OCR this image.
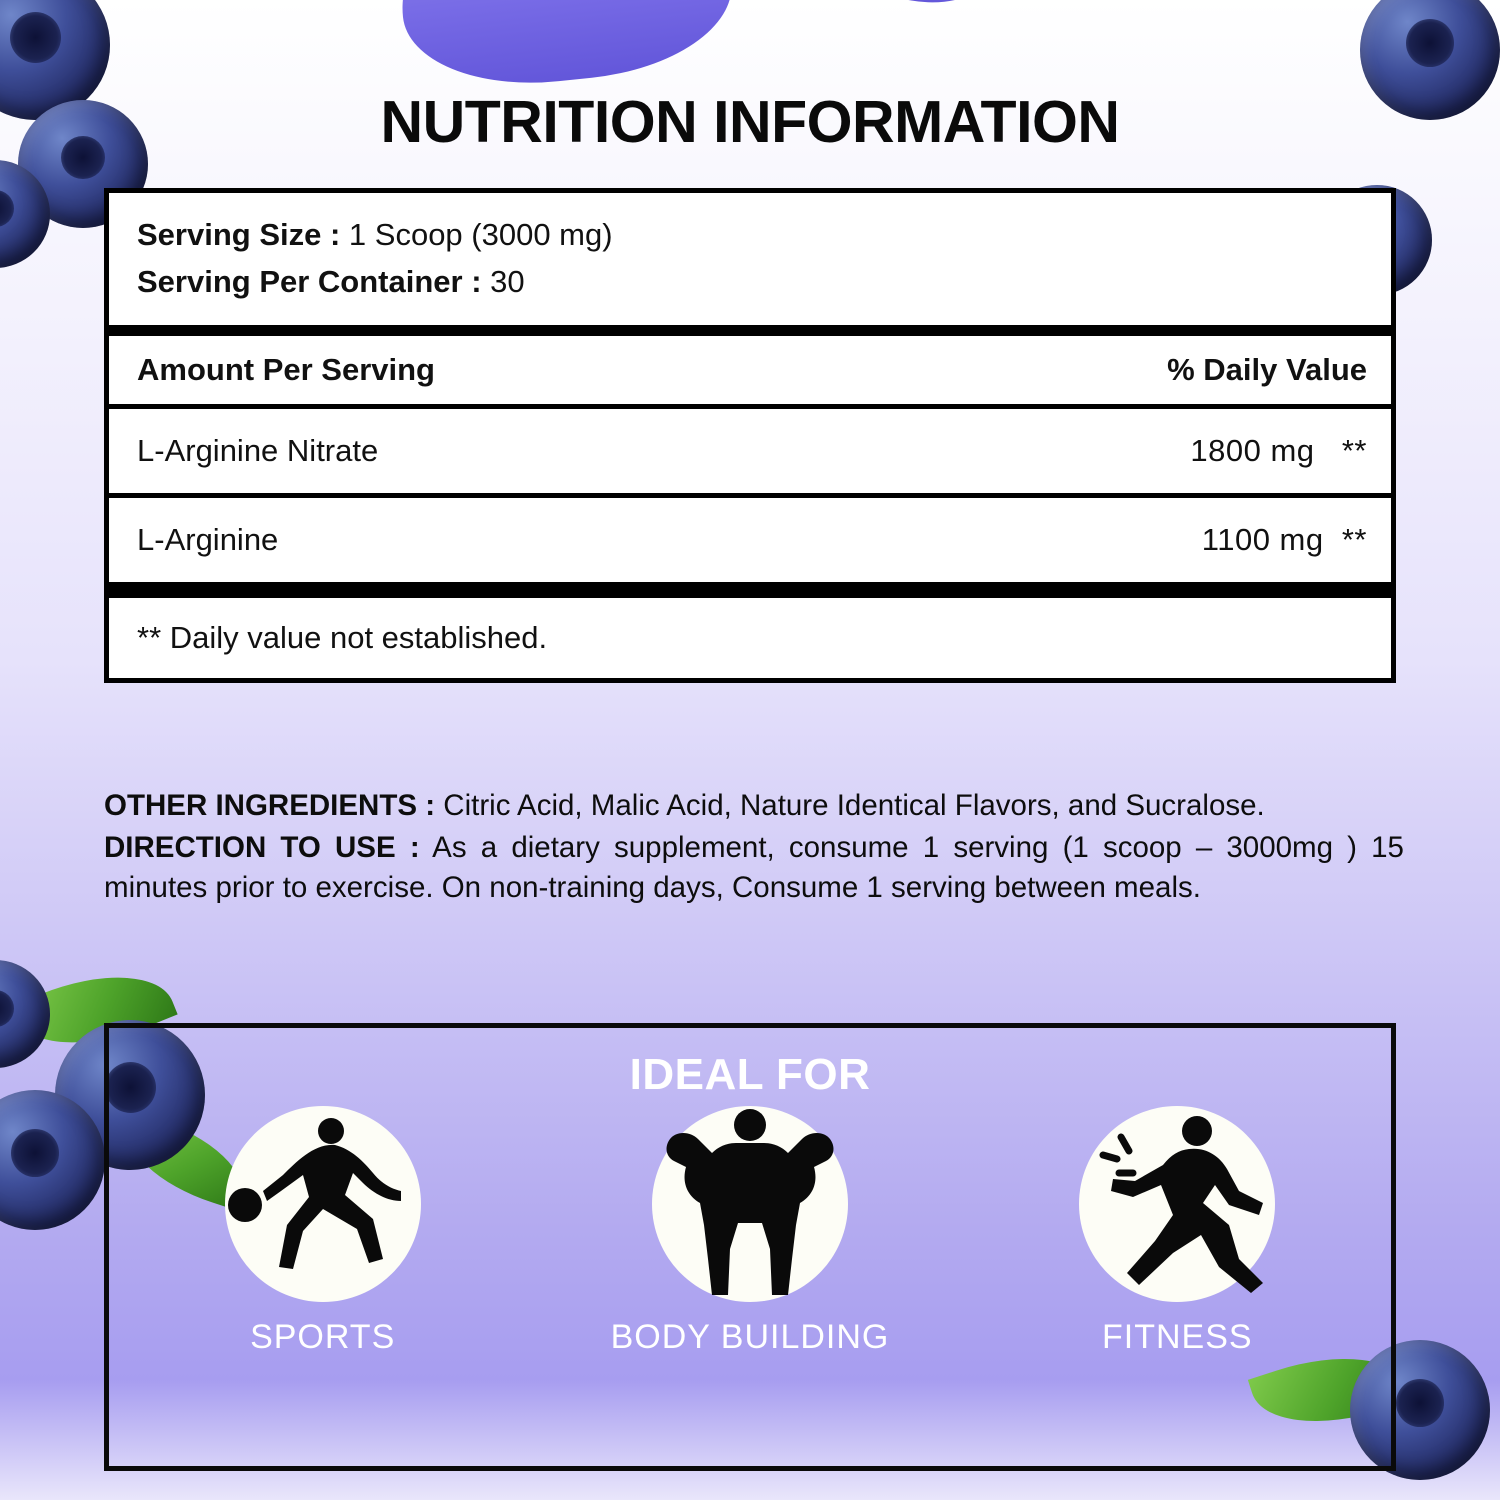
NUTRITION INFORMATION
Serving Size : 1 Scoop (3000 mg)
Serving Per Container : 30
Amount Per Serving	% Daily Value
L-Arginine Nitrate	1800 mg **
L-Arginine	1100 mg **
** Daily value not established.

OTHER INGREDIENTS : Citric Acid, Malic Acid, Nature Identical Flavors, and Sucralose.

DIRECTION TO USE : As a dietary supplement, consume 1 serving (1 scoop – 3000mg ) 15 minutes prior to exercise. On non-training days, Consume 1 serving between meals.

IDEAL FOR
SPORTS	BODY BUILDING	FITNESS
